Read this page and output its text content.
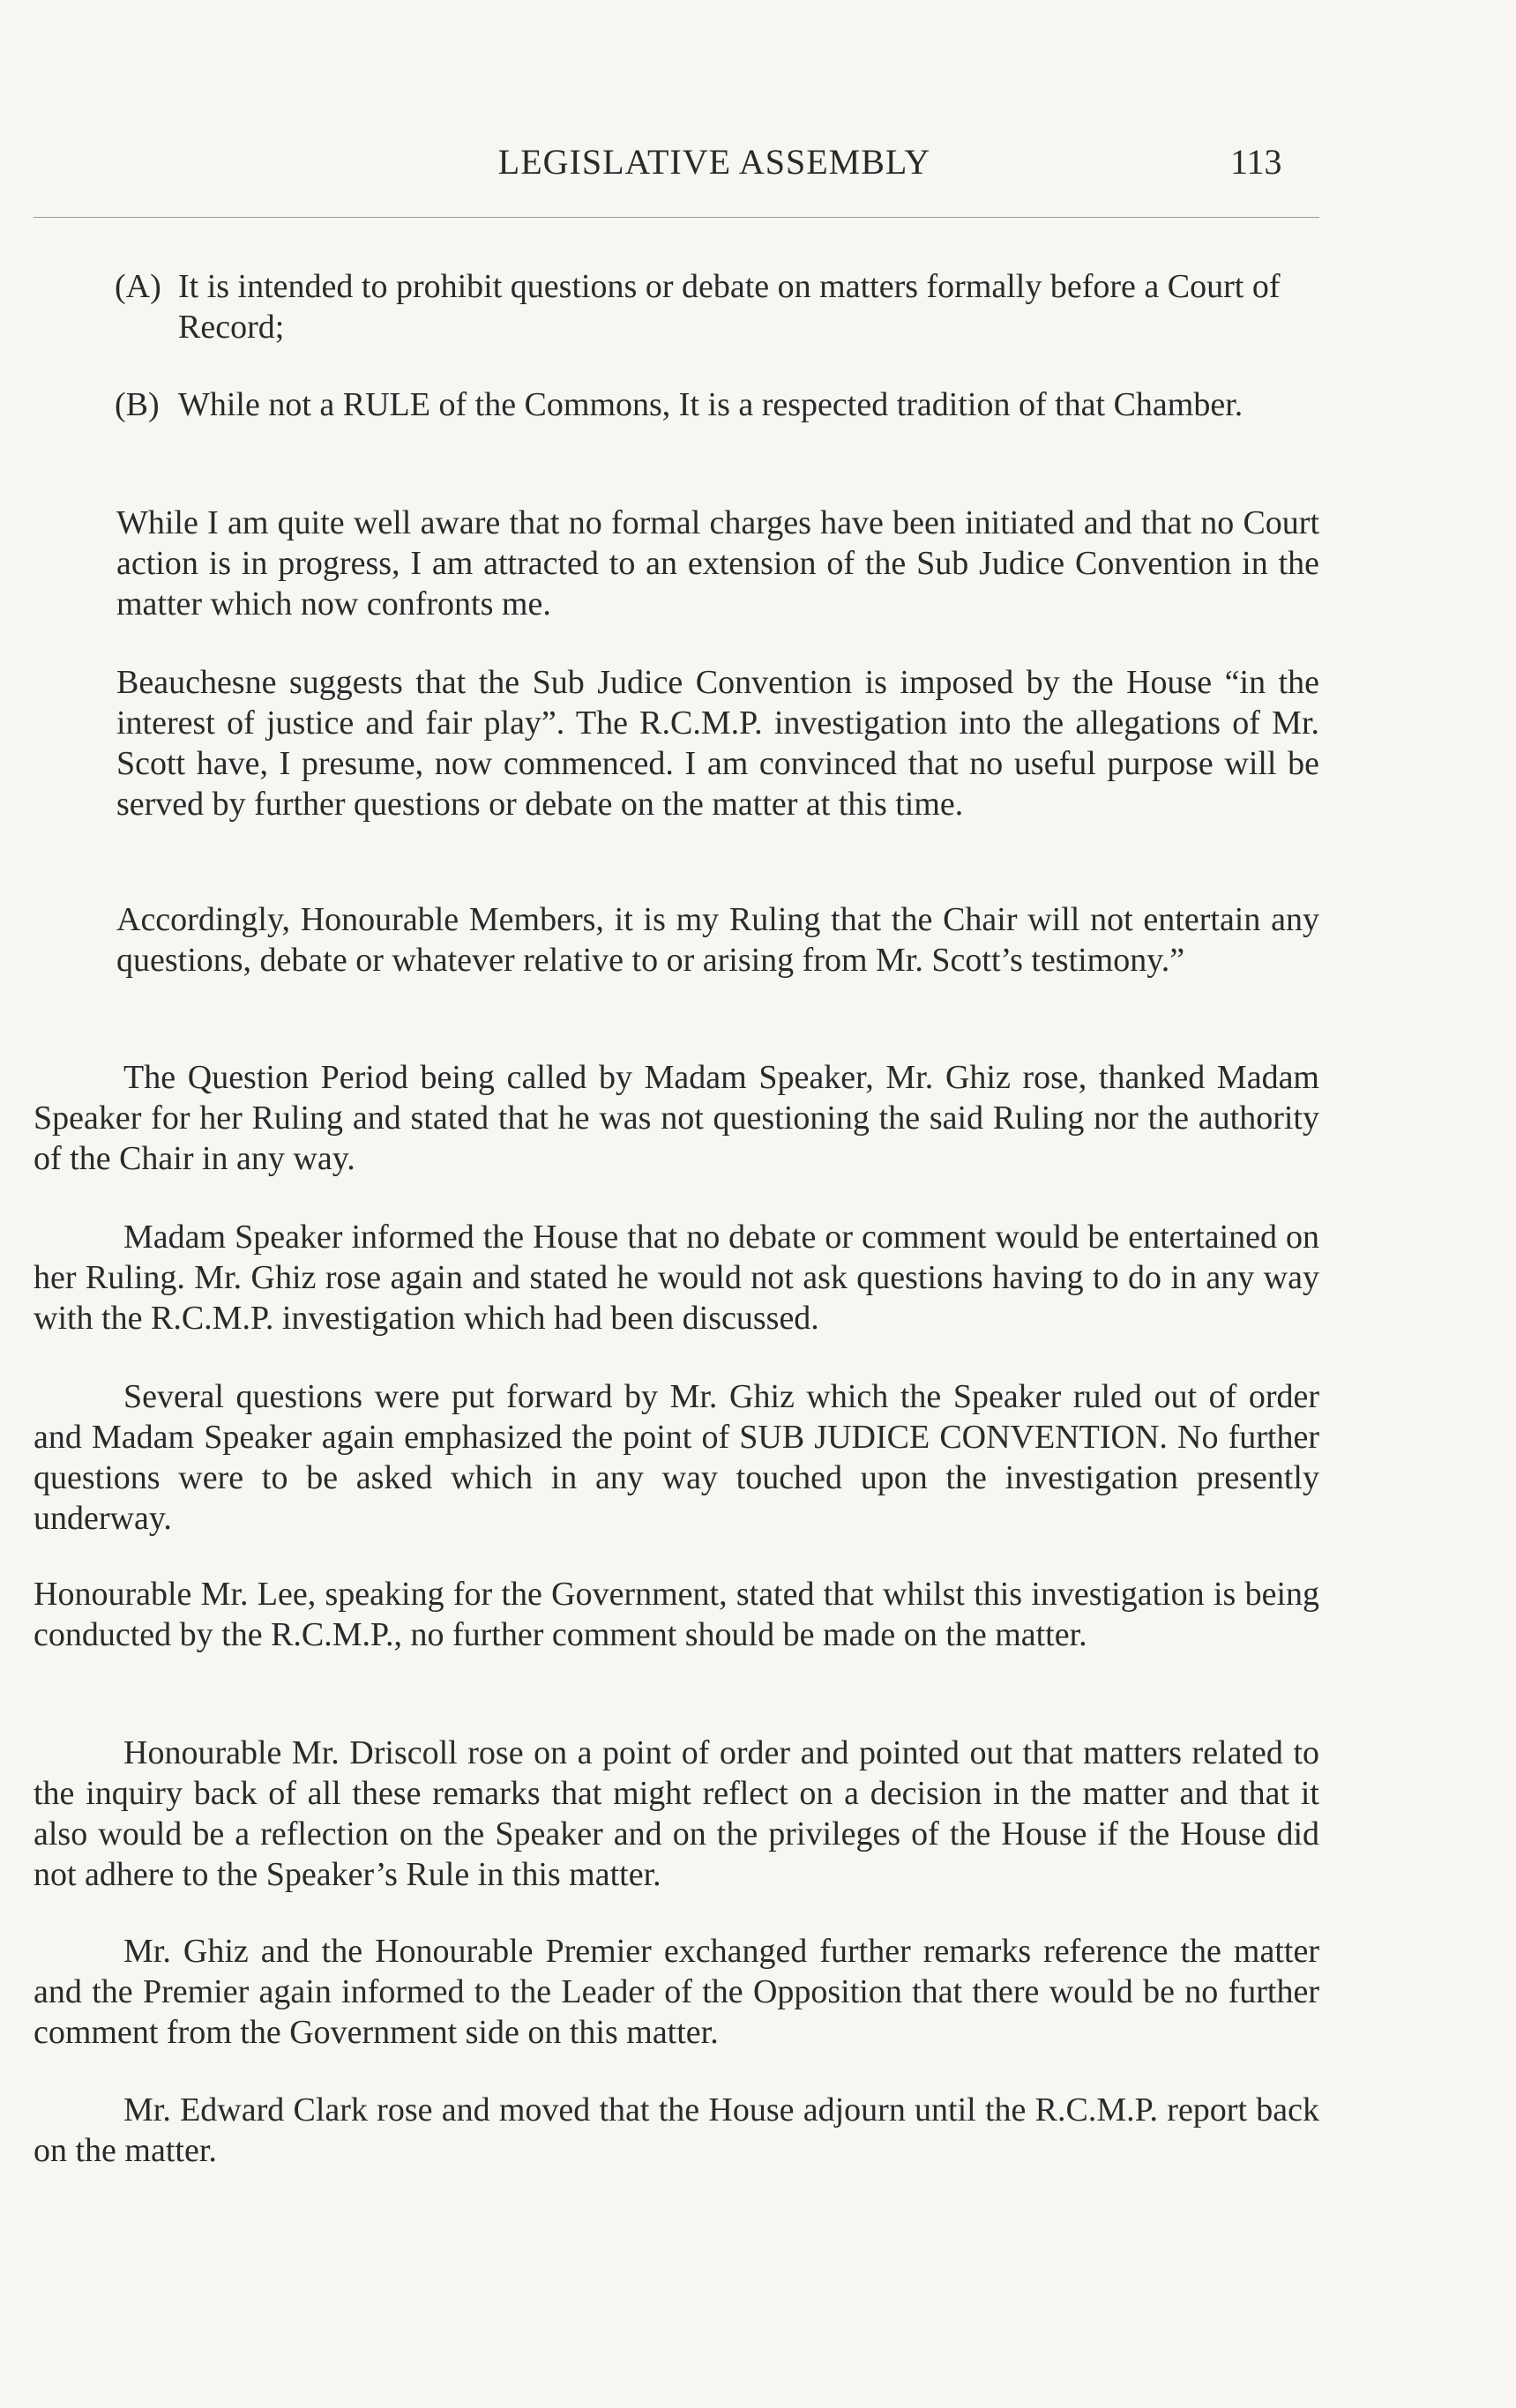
LEGISLATIVE ASSEMBLY	113
(A) It is intended to prohibit questions or debate on matters formally before a Court of Record;
(B) While not a RULE of the Commons, It is a respected tradition of that Chamber.

While I am quite well aware that no formal charges have been initiated and that no Court action is in progress, I am attracted to an extension of the Sub Judice Convention in the matter which now confronts me.

Beauchesne suggests that the Sub Judice Convention is imposed by the House “in the interest of justice and fair play”. The R.C.M.P. investigation into the allegations of Mr. Scott have, I presume, now commenced. I am convinced that no useful purpose will be served by further questions or debate on the matter at this time.

Accordingly, Honourable Members, it is my Ruling that the Chair will not entertain any questions, debate or whatever relative to or arising from Mr. Scott’s testimony.”

The Question Period being called by Madam Speaker, Mr. Ghiz rose, thanked Madam Speaker for her Ruling and stated that he was not questioning the said Ruling nor the authority of the Chair in any way.

Madam Speaker informed the House that no debate or comment would be entertained on her Ruling. Mr. Ghiz rose again and stated he would not ask questions having to do in any way with the R.C.M.P. investigation which had been discussed.

Several questions were put forward by Mr. Ghiz which the Speaker ruled out of order and Madam Speaker again emphasized the point of SUB JUDICE CONVENTION. No further questions were to be asked which in any way touched upon the investigation presently underway.

Honourable Mr. Lee, speaking for the Government, stated that whilst this investigation is being conducted by the R.C.M.P., no further comment should be made on the matter.

Honourable Mr. Driscoll rose on a point of order and pointed out that matters related to the inquiry back of all these remarks that might reflect on a decision in the matter and that it also would be a reflection on the Speaker and on the privileges of the House if the House did not adhere to the Speaker’s Rule in this matter.

Mr. Ghiz and the Honourable Premier exchanged further remarks reference the matter and the Premier again informed to the Leader of the Opposition that there would be no further comment from the Government side on this matter.

Mr. Edward Clark rose and moved that the House adjourn until the R.C.M.P. report back on the matter.
